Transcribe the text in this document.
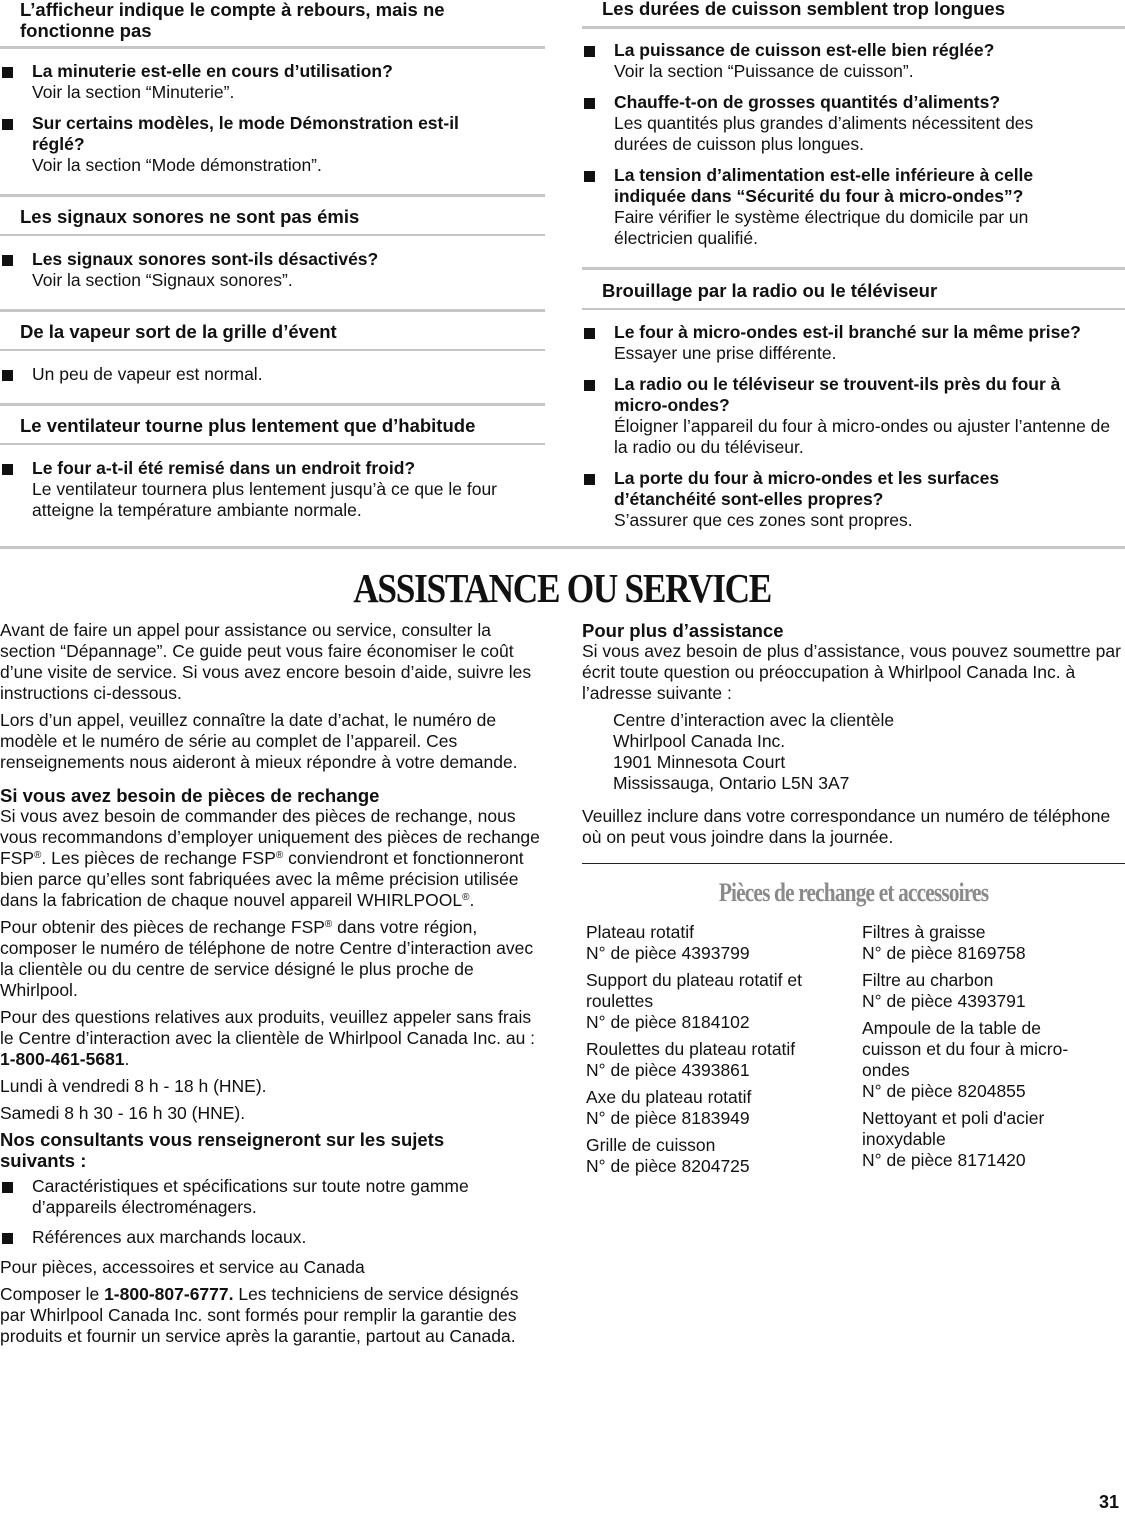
L’afficheur indique le compte à rebours, mais ne fonctionne pas
La minuterie est-elle en cours d’utilisation?
Voir la section “Minuterie”.
Sur certains modèles, le mode Démonstration est-il réglé?
Voir la section “Mode démonstration”.
Les signaux sonores ne sont pas émis
Les signaux sonores sont-ils désactivés?
Voir la section “Signaux sonores”.
De la vapeur sort de la grille d’évent
Un peu de vapeur est normal.
Le ventilateur tourne plus lentement que d’habitude
Le four a-t-il été remisé dans un endroit froid?
Le ventilateur tournera plus lentement jusqu’à ce que le four atteigne la température ambiante normale.
Les durées de cuisson semblent trop longues
La puissance de cuisson est-elle bien réglée?
Voir la section “Puissance de cuisson”.
Chauffe-t-on de grosses quantités d’aliments?
Les quantités plus grandes d’aliments nécessitent des durées de cuisson plus longues.
La tension d’alimentation est-elle inférieure à celle indiquée dans “Sécurité du four à micro-ondes”?
Faire vérifier le système électrique du domicile par un électricien qualifié.
Brouillage par la radio ou le téléviseur
Le four à micro-ondes est-il branché sur la même prise?
Essayer une prise différente.
La radio ou le téléviseur se trouvent-ils près du four à micro-ondes?
Éloigner l’appareil du four à micro-ondes ou ajuster l’antenne de la radio ou du téléviseur.
La porte du four à micro-ondes et les surfaces d’étanchéité sont-elles propres?
S’assurer que ces zones sont propres.
ASSISTANCE OU SERVICE

Avant de faire un appel pour assistance ou service, consulter la section “Dépannage”. Ce guide peut vous faire économiser le coût d’une visite de service. Si vous avez encore besoin d’aide, suivre les instructions ci-dessous.

Lors d’un appel, veuillez connaître la date d’achat, le numéro de modèle et le numéro de série au complet de l’appareil. Ces renseignements nous aideront à mieux répondre à votre demande.

Si vous avez besoin de pièces de rechange

Si vous avez besoin de commander des pièces de rechange, nous vous recommandons d’employer uniquement des pièces de rechange FSP®. Les pièces de rechange FSP® conviendront et fonctionneront bien parce qu’elles sont fabriquées avec la même précision utilisée dans la fabrication de chaque nouvel appareil WHIRLPOOL®.

Pour obtenir des pièces de rechange FSP® dans votre région, composer le numéro de téléphone de notre Centre d’interaction avec la clientèle ou du centre de service désigné le plus proche de Whirlpool.

Pour des questions relatives aux produits, veuillez appeler sans frais le Centre d’interaction avec la clientèle de Whirlpool Canada Inc. au : 1-800-461-5681.

Lundi à vendredi 8 h - 18 h (HNE).

Samedi 8 h 30 - 16 h 30 (HNE).

Nos consultants vous renseigneront sur les sujets suivants :

Caractéristiques et spécifications sur toute notre gamme d’appareils électroménagers.
Références aux marchands locaux.

Pour pièces, accessoires et service au Canada

Composer le 1-800-807-6777. Les techniciens de service désignés par Whirlpool Canada Inc. sont formés pour remplir la garantie des produits et fournir un service après la garantie, partout au Canada.

Pour plus d’assistance

Si vous avez besoin de plus d’assistance, vous pouvez soumettre par écrit toute question ou préoccupation à Whirlpool Canada Inc. à l’adresse suivante :

Centre d’interaction avec la clientèle
Whirlpool Canada Inc.
1901 Minnesota Court
Mississauga, Ontario L5N 3A7

Veuillez inclure dans votre correspondance un numéro de téléphone où on peut vous joindre dans la journée.

Pièces de rechange et accessoires
Plateau rotatif
N° de pièce 4393799
Support du plateau rotatif et roulettes
N° de pièce 8184102
Roulettes du plateau rotatif
N° de pièce 4393861
Axe du plateau rotatif
N° de pièce 8183949
Grille de cuisson
N° de pièce 8204725
Filtres à graisse
N° de pièce 8169758
Filtre au charbon
N° de pièce 4393791
Ampoule de la table de cuisson et du four à micro-ondes
N° de pièce 8204855
Nettoyant et poli d'acier inoxydable
N° de pièce 8171420
31
